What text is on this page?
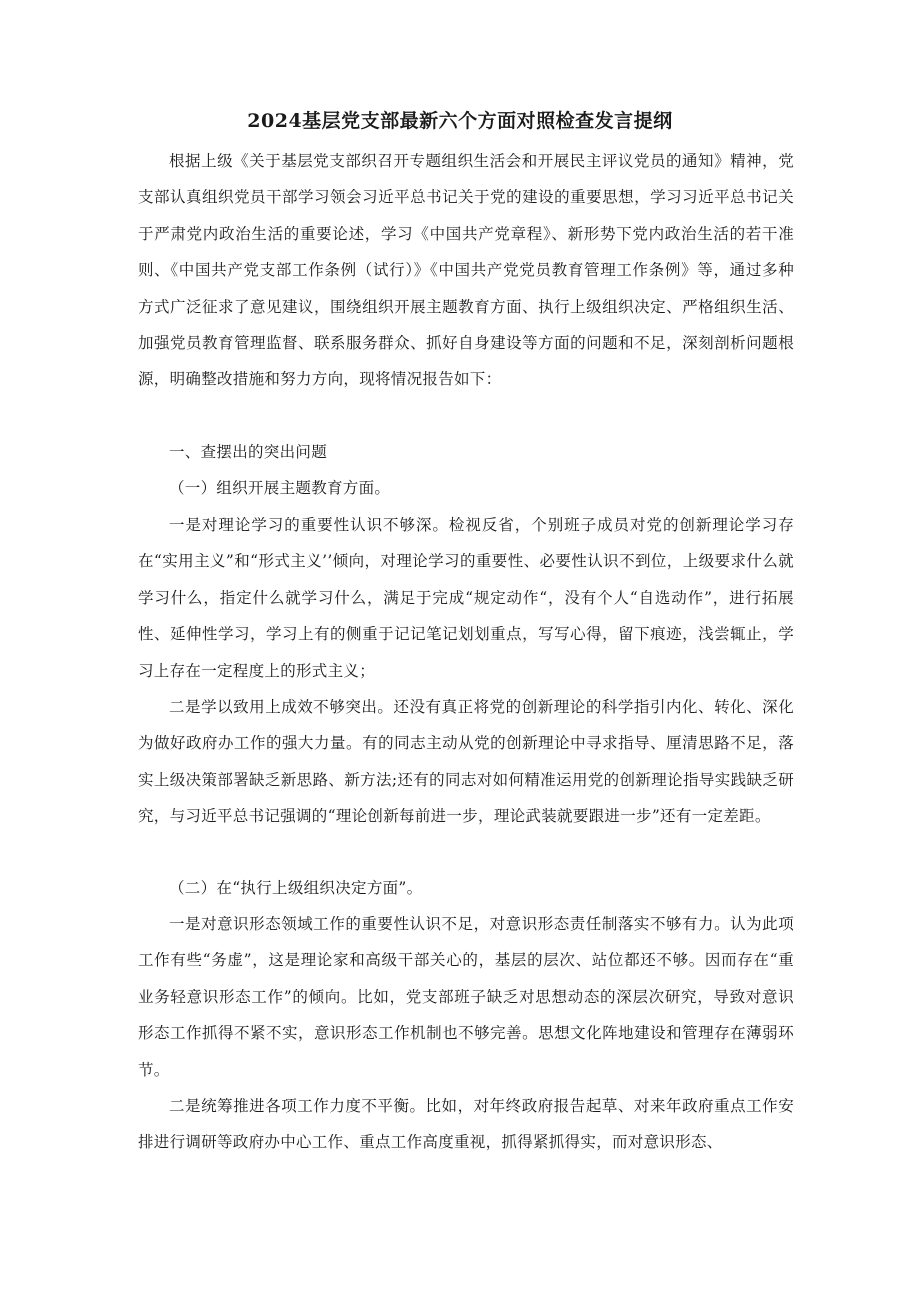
2024基层党支部最新六个方面对照检查发言提纲

根据上级《关于基层党支部织召开专题组织生活会和开展民主评议党员的通知》精神，党支部认真组织党员干部学习领会习近平总书记关于党的建设的重要思想，学习习近平总书记关于严肃党内政治生活的重要论述，学习《中国共产党章程》、新形势下党内政治生活的若干准则、《中国共产党支部工作条例（试行）》《中国共产党党员教育管理工作条例》等，通过多种方式广泛征求了意见建议，围绕组织开展主题教育方面、执行上级组织决定、严格组织生活、加强党员教育管理监督、联系服务群众、抓好自身建设等方面的问题和不足，深刻剖析问题根源，明确整改措施和努力方向，现将情况报告如下：

一、查摆出的突出问题

（一）组织开展主题教育方面。

一是对理论学习的重要性认识不够深。检视反省，个别班子成员对党的创新理论学习存在“实用主义”和“形式主义’’倾向，对理论学习的重要性、必要性认识不到位，上级要求什么就学习什么，指定什么就学习什么，满足于完成“规定动作“，没有个人“自选动作”，进行拓展性、延伸性学习，学习上有的侧重于记记笔记划划重点，写写心得，留下痕迹，浅尝辄止，学习上存在一定程度上的形式主义；

二是学以致用上成效不够突出。还没有真正将党的创新理论的科学指引内化、转化、深化为做好政府办工作的强大力量。有的同志主动从党的创新理论中寻求指导、厘清思路不足，落实上级决策部署缺乏新思路、新方法;还有的同志对如何精准运用党的创新理论指导实践缺乏研究，与习近平总书记强调的“理论创新每前进一步，理论武装就要跟进一步”还有一定差距。

（二）在“执行上级组织决定方面”。

一是对意识形态领域工作的重要性认识不足，对意识形态责任制落实不够有力。认为此项工作有些“务虚”，这是理论家和高级干部关心的，基层的层次、站位都还不够。因而存在“重业务轻意识形态工作”的倾向。比如，党支部班子缺乏对思想动态的深层次研究，导致对意识形态工作抓得不紧不实，意识形态工作机制也不够完善。思想文化阵地建设和管理存在薄弱环节。

二是统筹推进各项工作力度不平衡。比如，对年终政府报告起草、对来年政府重点工作安排进行调研等政府办中心工作、重点工作高度重视，抓得紧抓得实，而对意识形态、
